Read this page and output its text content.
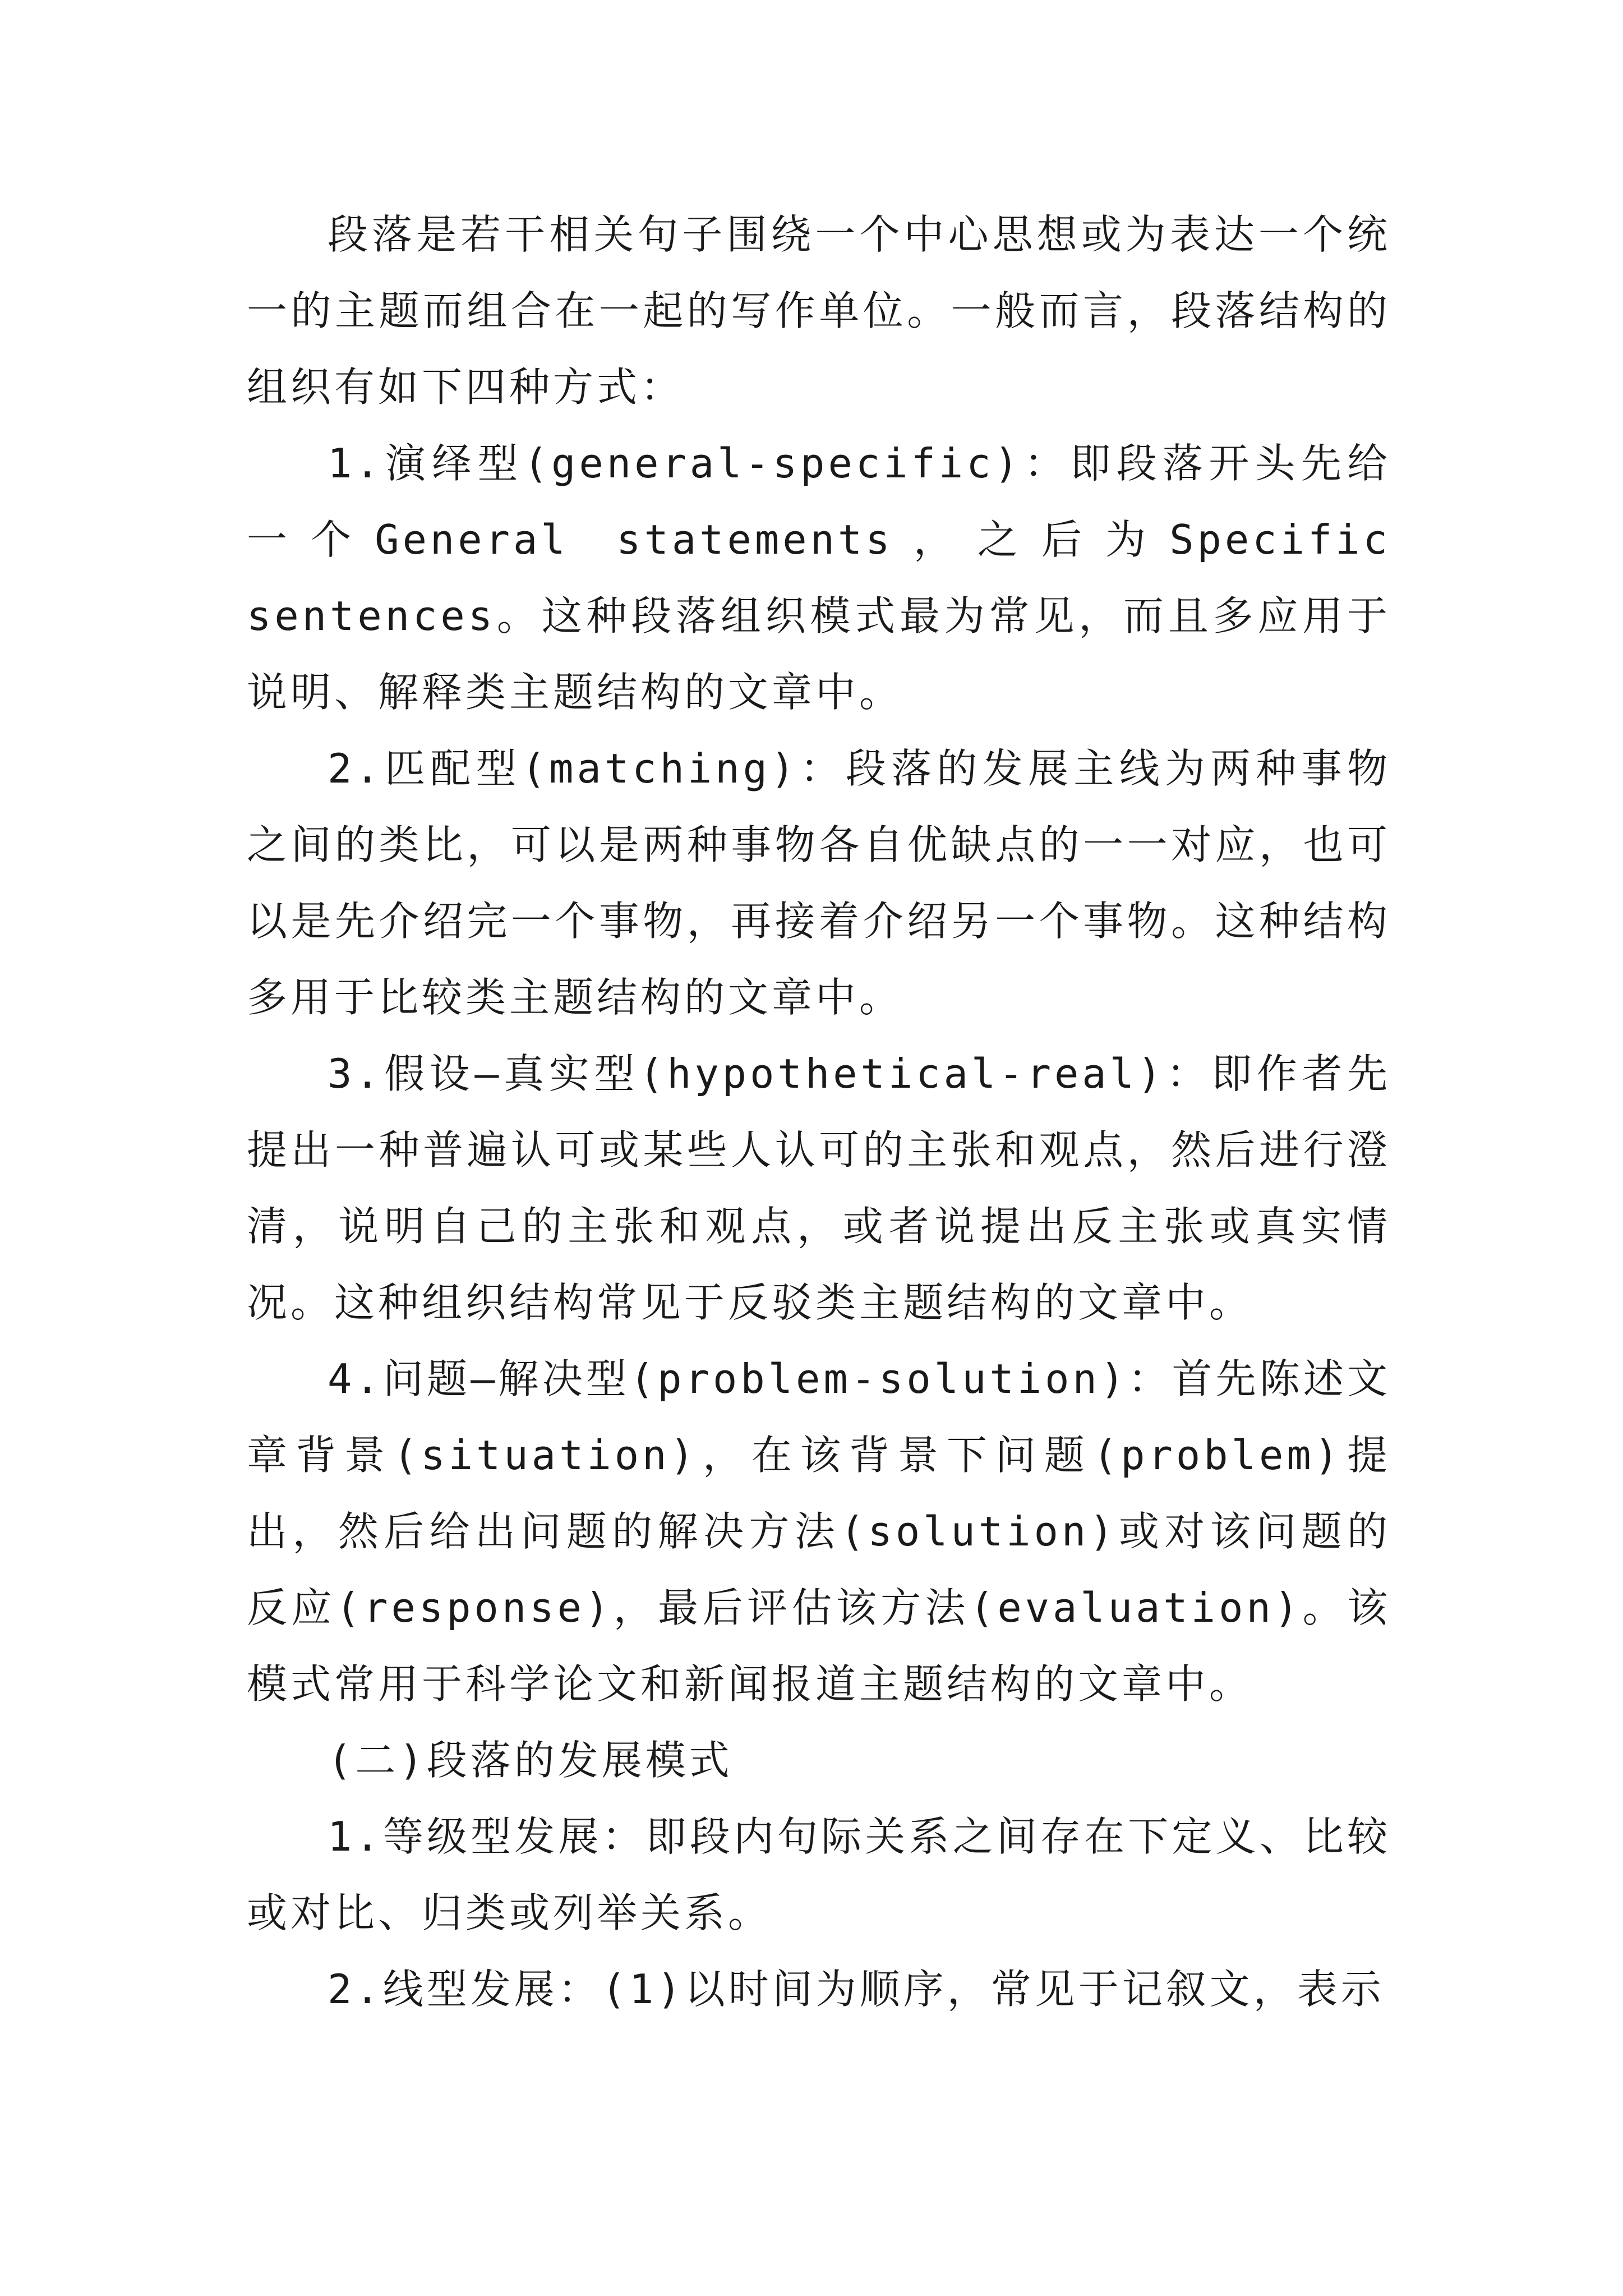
段落是若干相关句子围绕一个中心思想或为表达一个统一的主题而组合在一起的写作单位。一般而言，段落结构的组织有如下四种方式：

1.演绎型(general-specific)：即段落开头先给一个General statements，之后为Specific sentences。这种段落组织模式最为常见，而且多应用于说明、解释类主题结构的文章中。

2.匹配型(matching)：段落的发展主线为两种事物之间的类比，可以是两种事物各自优缺点的一一对应，也可以是先介绍完一个事物，再接着介绍另一个事物。这种结构多用于比较类主题结构的文章中。

3.假设—真实型(hypothetical-real)：即作者先提出一种普遍认可或某些人认可的主张和观点，然后进行澄清，说明自己的主张和观点，或者说提出反主张或真实情况。这种组织结构常见于反驳类主题结构的文章中。

4.问题—解决型(problem-solution)：首先陈述文章背景(situation)，在该背景下问题(problem)提出，然后给出问题的解决方法(solution)或对该问题的反应(response)，最后评估该方法(evaluation)。该模式常用于科学论文和新闻报道主题结构的文章中。

(二)段落的发展模式

1.等级型发展：即段内句际关系之间存在下定义、比较或对比、归类或列举关系。

2.线型发展：(1)以时间为顺序，常见于记叙文，表示
